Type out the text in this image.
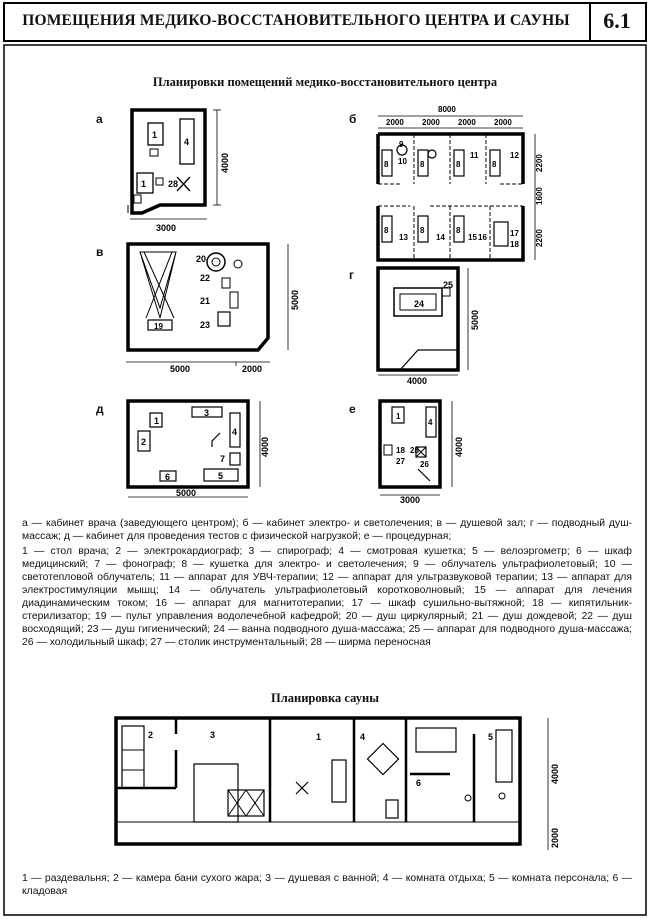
ПОМЕЩЕНИЯ МЕДИКО-ВОССТАНОВИТЕЛЬНОГО ЦЕНТРА И САУНЫ	6.1
Планировки помещений медико-восстановительного центра
а	б
в
г
д	е
1
4
1 28
3000
4000	8
9
10 8
11
8
12
8
8
13
8
14
8
15 16	17
18
8000
2000 2000 2000 2000
2200
1600
2200
20
22
21
23
19
5000	2000
5000	24
25
4000
5000
1
3
2
4
7
6	5
5000
4000
1
4
18
27
28
26
3000
4000

а — кабинет врача (заведующего центром); б — кабинет электро- и светолечения; в — душевой зал; г — подводный душ-массаж; д — кабинет для проведения тестов с физической нагрузкой; е — процедурная;

1 — стол врача; 2 — электрокардиограф; 3 — спирограф; 4 — смотровая кушетка; 5 — велоэргометр; 6 — шкаф медицинский; 7 — фонограф; 8 — кушетка для электро- и светолечения; 9 — облучатель ультрафиолетовый; 10 — светотепловой облучатель; 11 — аппарат для УВЧ-терапии; 12 — аппарат для ультразвуковой терапии; 13 — аппарат для электростимуляции мышц; 14 — облучатель ультрафиолетовый коротковолновый; 15 — аппарат для лечения диадинамическим током; 16 — аппарат для магнитотерапии; 17 — шкаф сушильно-вытяжной; 18 — кипятильник-стерилизатор; 19 — пульт управления водолечебной кафедрой; 20 — душ циркулярный; 21 — душ дождевой; 22 — душ восходящий; 23 — душ гигиенический; 24 — ванна подводного душа-массажа; 25 — аппарат для подводного душа-массажа; 26 — холодильный шкаф; 27 — столик инструментальный; 28 — ширма переносная

Планировка сауны
2	3	1	4	5
6	4000
2000

1 — раздевальня; 2 — камера бани сухого жара; 3 — душевая с ванной; 4 — комната отдыха; 5 — комната персонала; 6 — кладовая
